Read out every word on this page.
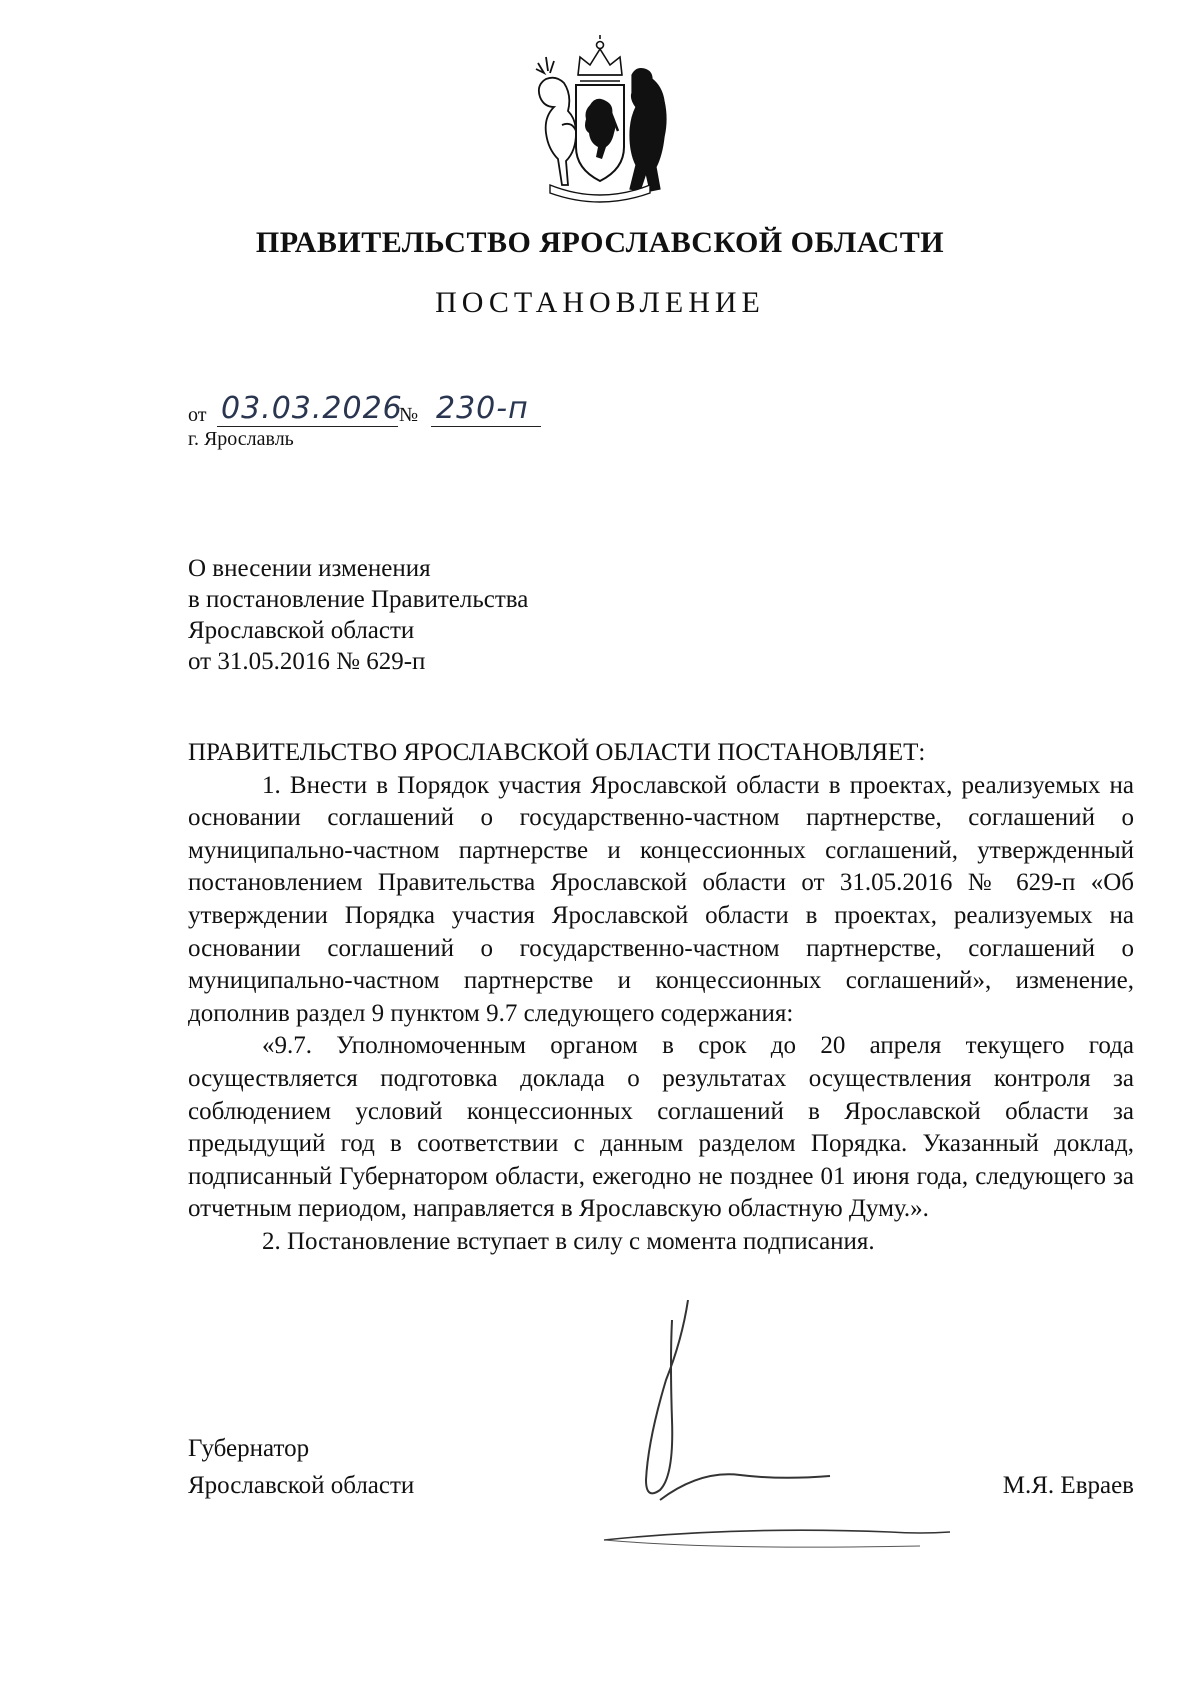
ПРАВИТЕЛЬСТВО ЯРОСЛАВСКОЙ ОБЛАСТИ
ПОСТАНОВЛЕНИЕ
от 03.03.2026
№ 230-п
г. Ярославль
О внесении изменения
в постановление Правительства
Ярославской области
от 31.05.2016 № 629-п

ПРАВИТЕЛЬСТВО ЯРОСЛАВСКОЙ ОБЛАСТИ ПОСТАНОВЛЯЕТ:

1. Внести в Порядок участия Ярославской области в проектах, реализуемых на основании соглашений о государственно-частном партнерстве, соглашений о муниципально-частном партнерстве и концессионных соглашений, утвержденный постановлением Правительства Ярославской области от 31.05.2016 № 629-п «Об утверждении Порядка участия Ярославской области в проектах, реализуемых на основании соглашений о государственно-частном партнерстве, соглашений о муниципально-частном партнерстве и концессионных соглашений», изменение, дополнив раздел 9 пунктом 9.7 следующего содержания:

«9.7. Уполномоченным органом в срок до 20 апреля текущего года осуществляется подготовка доклада о результатах осуществления контроля за соблюдением условий концессионных соглашений в Ярославской области за предыдущий год в соответствии с данным разделом Порядка. Указанный доклад, подписанный Губернатором области, ежегодно не позднее 01 июня года, следующего за отчетным периодом, направляется в Ярославскую областную Думу.».

2. Постановление вступает в силу с момента подписания.

Губернатор
Ярославской области	М.Я. Евраев
